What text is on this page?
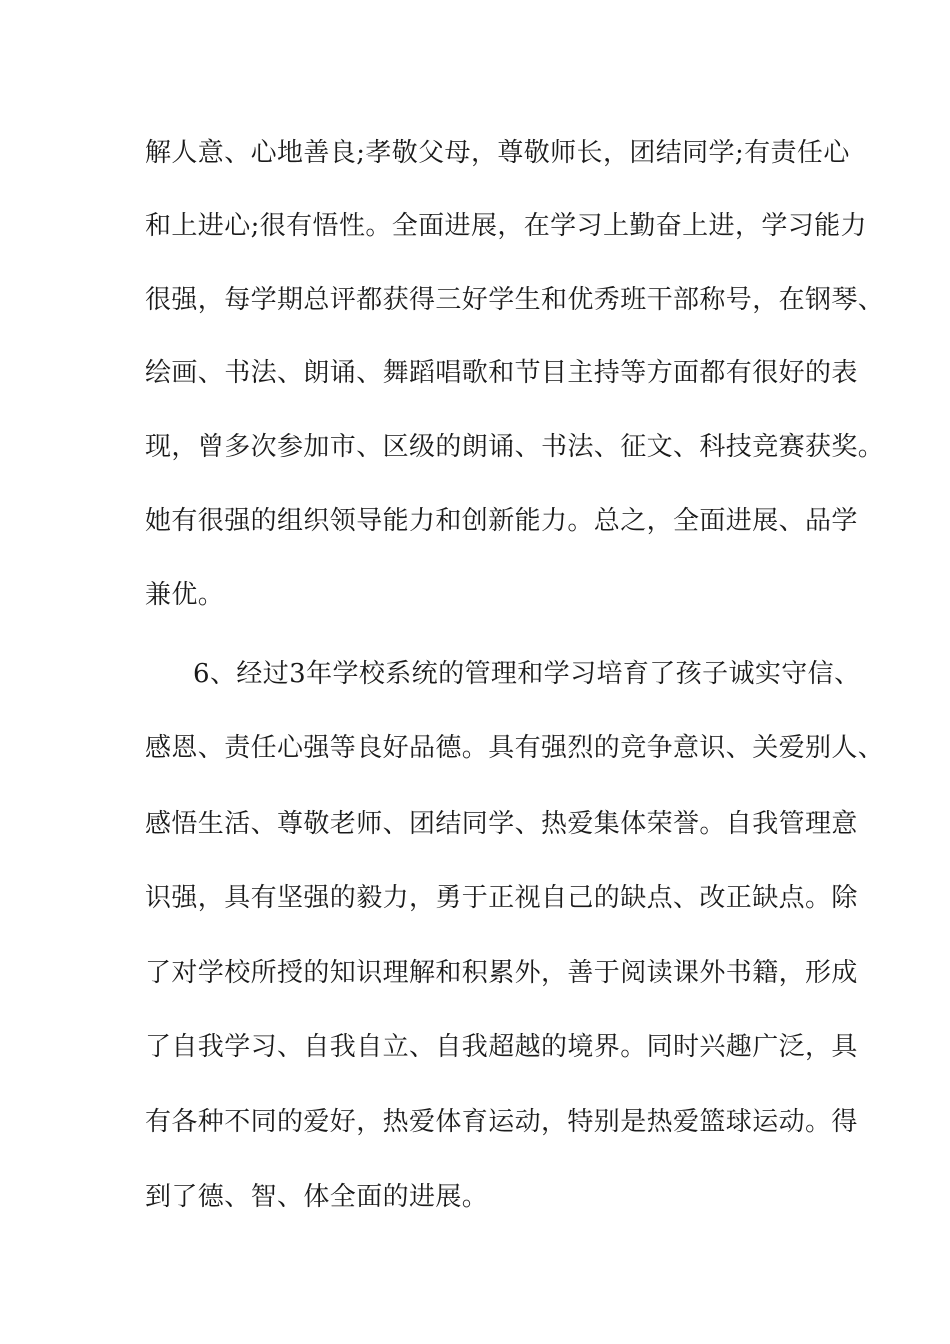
解人意、心地善良;孝敬父母，尊敬师长，团结同学;有责任心
和上进心;很有悟性。全面进展，在学习上勤奋上进，学习能力
很强，每学期总评都获得三好学生和优秀班干部称号，在钢琴、
绘画、书法、朗诵、舞蹈唱歌和节目主持等方面都有很好的表
现，曾多次参加市、区级的朗诵、书法、征文、科技竞赛获奖。
她有很强的组织领导能力和创新能力。总之，全面进展、品学
兼优。
6、经过3年学校系统的管理和学习培育了孩子诚实守信、
感恩、责任心强等良好品德。具有强烈的竞争意识、关爱别人、
感悟生活、尊敬老师、团结同学、热爱集体荣誉。自我管理意
识强，具有坚强的毅力，勇于正视自己的缺点、改正缺点。除
了对学校所授的知识理解和积累外，善于阅读课外书籍，形成
了自我学习、自我自立、自我超越的境界。同时兴趣广泛，具
有各种不同的爱好，热爱体育运动，特别是热爱篮球运动。得
到了德、智、体全面的进展。
